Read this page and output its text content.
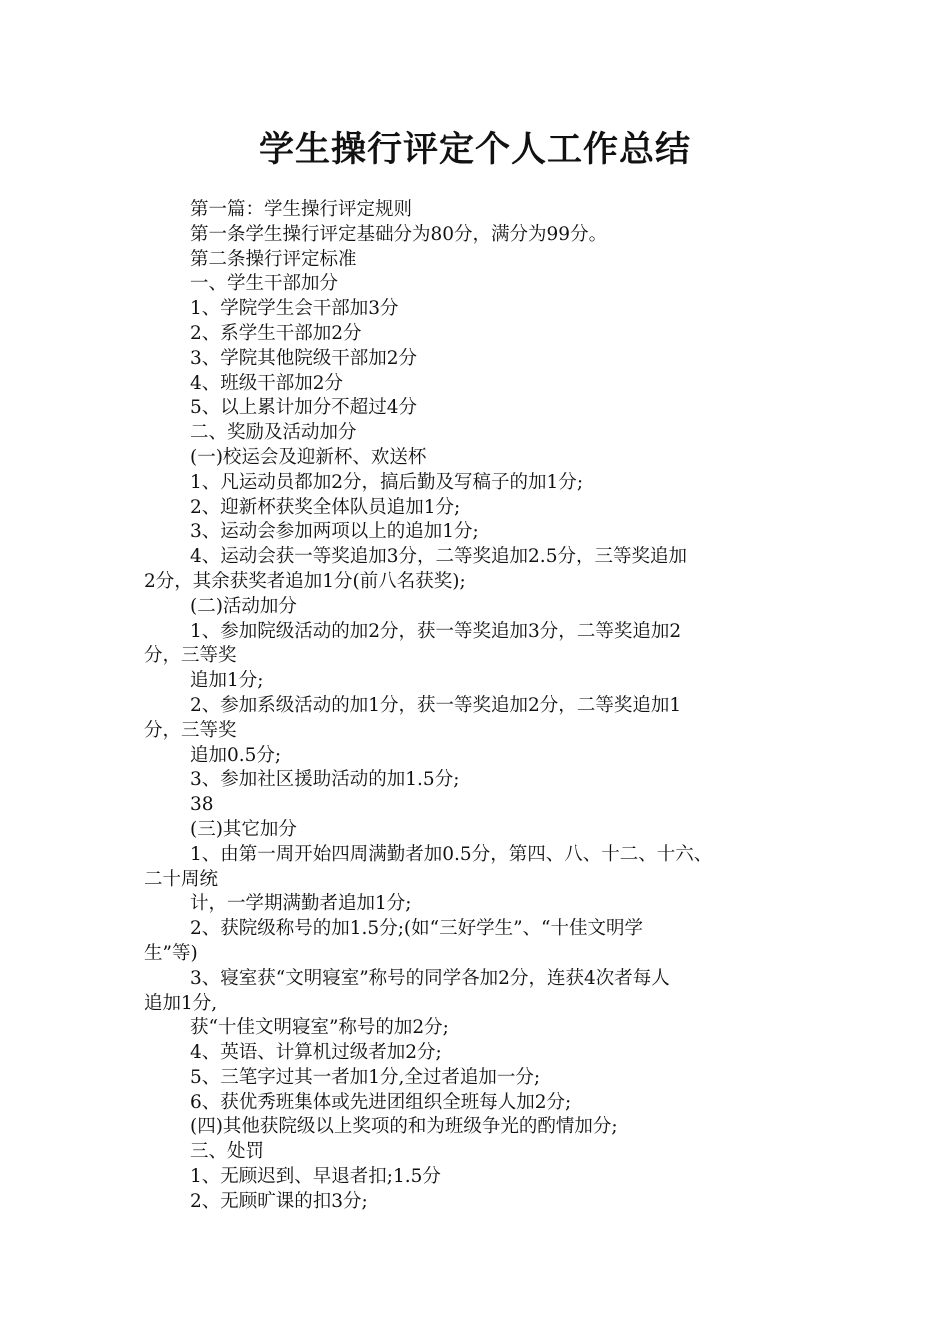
学生操行评定个人工作总结
第一篇：学生操行评定规则
第一条学生操行评定基础分为80分，满分为99分。
第二条操行评定标准
一、学生干部加分
1、学院学生会干部加3分
2、系学生干部加2分
3、学院其他院级干部加2分
4、班级干部加2分
5、以上累计加分不超过4分
二、奖励及活动加分
(一)校运会及迎新杯、欢送杯
1、凡运动员都加2分，搞后勤及写稿子的加1分;
2、迎新杯获奖全体队员追加1分;
3、运动会参加两项以上的追加1分;
4、运动会获一等奖追加3分，二等奖追加2.5分，三等奖追加
2分，其余获奖者追加1分(前八名获奖);
(二)活动加分
1、参加院级活动的加2分，获一等奖追加3分，二等奖追加2
分，三等奖
追加1分;
2、参加系级活动的加1分，获一等奖追加2分，二等奖追加1
分，三等奖
追加0.5分;
3、参加社区援助活动的加1.5分;
38
(三)其它加分
1、由第一周开始四周满勤者加0.5分，第四、八、十二、十六、
二十周统
计，一学期满勤者追加1分;
2、获院级称号的加1.5分;(如“三好学生”、“十佳文明学
生”等)
3、寝室获“文明寝室”称号的同学各加2分，连获4次者每人
追加1分,
获“十佳文明寝室”称号的加2分;
4、英语、计算机过级者加2分;
5、三笔字过其一者加1分,全过者追加一分;
6、获优秀班集体或先进团组织全班每人加2分;
(四)其他获院级以上奖项的和为班级争光的酌情加分;
三、处罚
1、无顾迟到、早退者扣;1.5分
2、无顾旷课的扣3分;
